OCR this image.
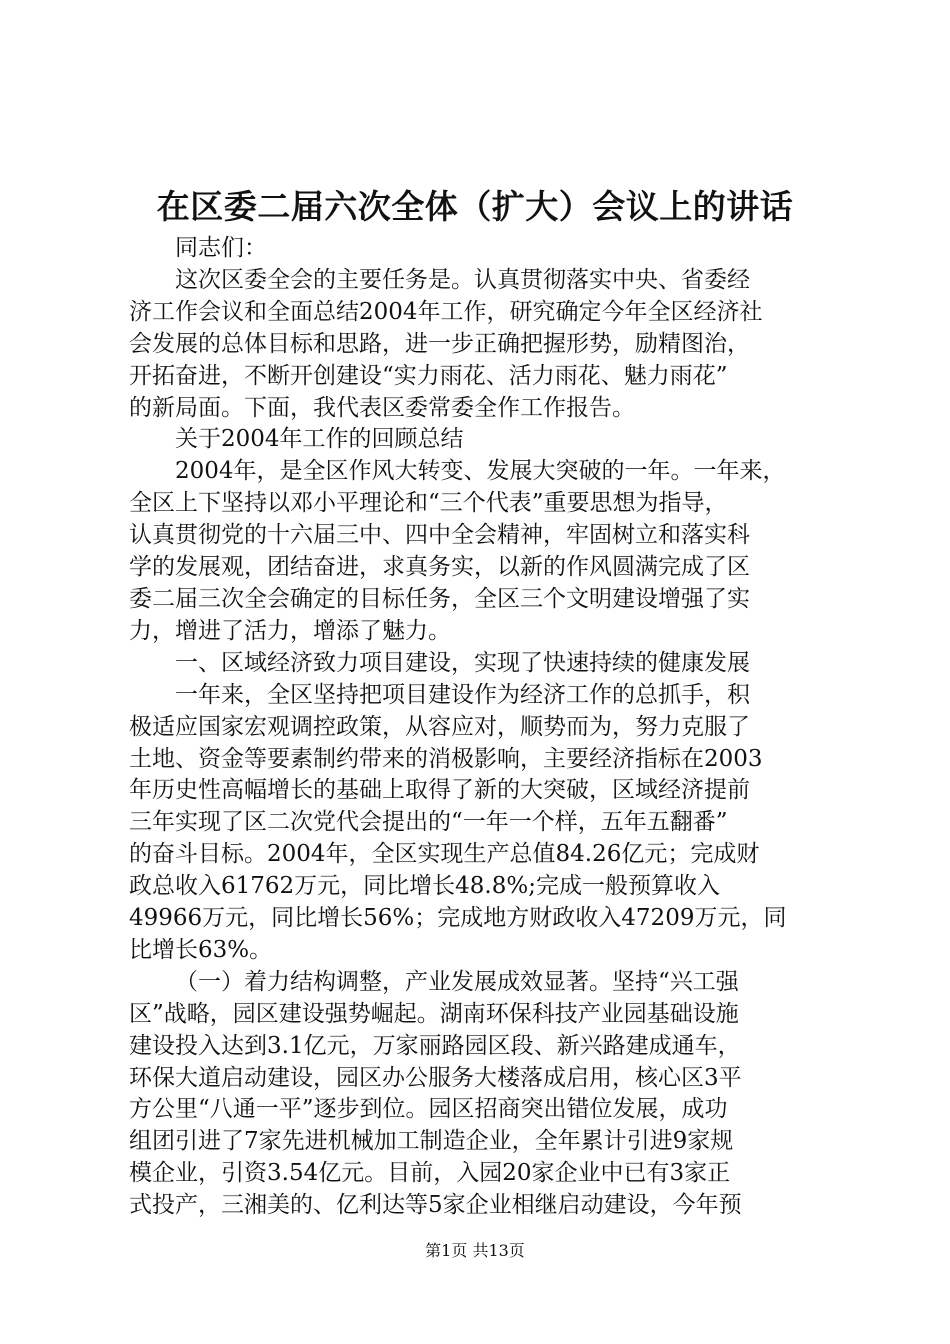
在区委二届六次全体（扩大）会议上的讲话

同志们：

这次区委全会的主要任务是。认真贯彻落实中央、省委经
济工作会议和全面总结2004年工作，研究确定今年全区经济社
会发展的总体目标和思路，进一步正确把握形势，励精图治，
开拓奋进，不断开创建设“实力雨花、活力雨花、魅力雨花”
的新局面。下面，我代表区委常委全作工作报告。

关于2004年工作的回顾总结

2004年，是全区作风大转变、发展大突破的一年。一年来，
全区上下坚持以邓小平理论和“三个代表”重要思想为指导，
认真贯彻党的十六届三中、四中全会精神，牢固树立和落实科
学的发展观，团结奋进，求真务实，以新的作风圆满完成了区
委二届三次全会确定的目标任务，全区三个文明建设增强了实
力，增进了活力，增添了魅力。

一、区域经济致力项目建设，实现了快速持续的健康发展

一年来，全区坚持把项目建设作为经济工作的总抓手，积
极适应国家宏观调控政策，从容应对，顺势而为，努力克服了
土地、资金等要素制约带来的消极影响，主要经济指标在2003
年历史性高幅增长的基础上取得了新的大突破，区域经济提前
三年实现了区二次党代会提出的“一年一个样，五年五翻番”
的奋斗目标。2004年，全区实现生产总值84.26亿元；完成财
政总收入61762万元，同比增长48.8%;完成一般预算收入
49966万元，同比增长56%；完成地方财政收入47209万元，同
比增长63%。

（一）着力结构调整，产业发展成效显著。坚持“兴工强
区”战略，园区建设强势崛起。湖南环保科技产业园基础设施
建设投入达到3.1亿元，万家丽路园区段、新兴路建成通车，
环保大道启动建设，园区办公服务大楼落成启用，核心区3平
方公里“八通一平”逐步到位。园区招商突出错位发展，成功
组团引进了7家先进机械加工制造企业，全年累计引进9家规
模企业，引资3.54亿元。目前，入园20家企业中已有3家正
式投产，三湘美的、亿利达等5家企业相继启动建设，今年预

第1页 共13页
